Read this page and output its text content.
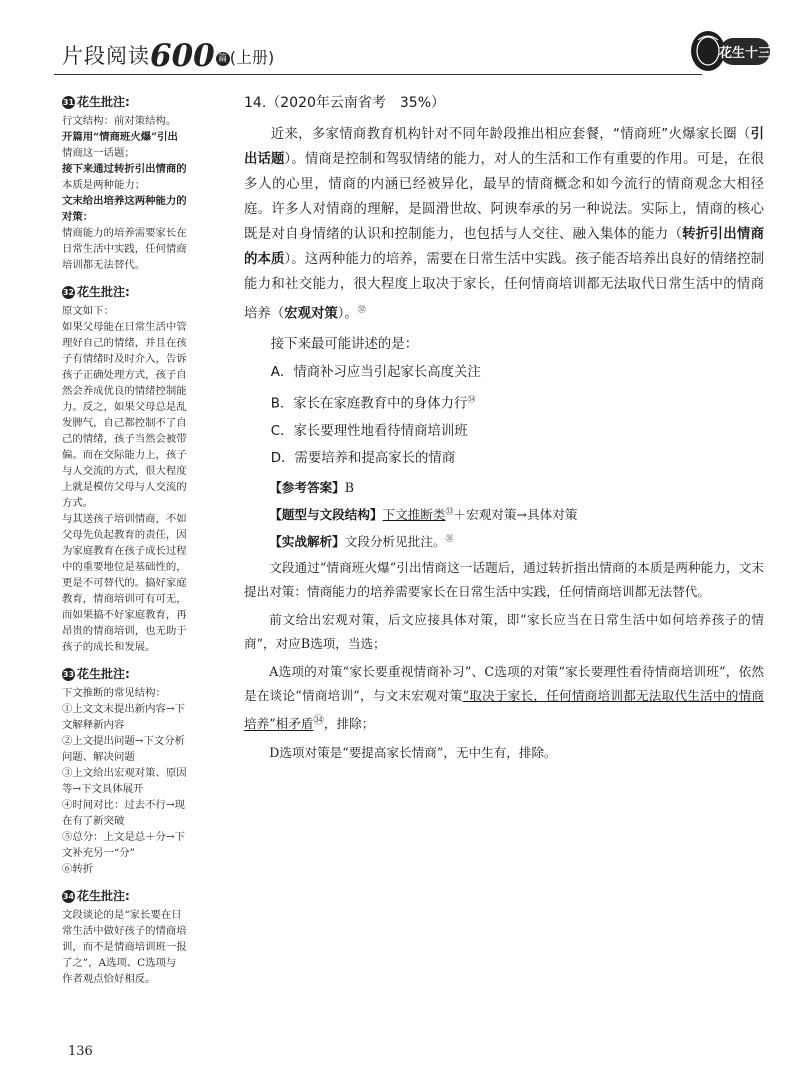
片段阅读600 篇 (上册)	花生十三
31 花生批注:
行文结构：前对策结构。
开篇用“情商班火爆”引出
情商这一话题；
接下来通过转折引出情商的
本质是两种能力；
文末给出培养这两种能力的
对策：
情商能力的培养需要家长在
日常生活中实践，任何情商
培训都无法替代。
32 花生批注:
原文如下：
如果父母能在日常生活中管
理好自己的情绪，并且在孩
子有情绪时及时介入，告诉
孩子正确处理方式，孩子自
然会养成优良的情绪控制能
力。反之，如果父母总是乱
发脾气，自己都控制不了自
己的情绪，孩子当然会被带
偏。而在交际能力上，孩子
与人交流的方式，很大程度
上就是模仿父母与人交流的
方式。
与其送孩子培训情商，不如
父母先负起教育的责任，因
为家庭教育在孩子成长过程
中的重要地位是基础性的，
更是不可替代的。搞好家庭
教育，情商培训可有可无，
而如果搞不好家庭教育，再
昂贵的情商培训，也无助于
孩子的成长和发展。
33 花生批注:
下文推断的常见结构：
①上文文末提出新内容→下
文解释新内容
②上文提出问题→下文分析
问题、解决问题
③上文给出宏观对策、原因
等→下文具体展开
④时间对比：过去不行→现
在有了新突破
⑤总分：上文是总＋分→下
文补充另一“分”
⑥转折
34 花生批注:
文段谈论的是“家长要在日
常生活中做好孩子的情商培
训，而不是情商培训班一报
了之”，A选项、C选项与
作者观点恰好相反。
14.（2020年云南省考　35%）

近来，多家情商教育机构针对不同年龄段推出相应套餐，“情商班”火爆家长圈（引出话题）。情商是控制和驾驭情绪的能力，对人的生活和工作有重要的作用。可是，在很多人的心里，情商的内涵已经被异化，最早的情商概念和如今流行的情商观念大相径庭。许多人对情商的理解，是圆滑世故、阿谀奉承的另一种说法。实际上，情商的核心既是对自身情绪的认识和控制能力，也包括与人交往、融入集体的能力（转折引出情商的本质）。这两种能力的培养，需要在日常生活中实践。孩子能否培养出良好的情绪控制能力和社交能力，很大程度上取决于家长，任何情商培训都无法取代日常生活中的情商培养（宏观对策）。$^㉜$

接下来最可能讲述的是：
A．情商补习应当引起家长高度关注
B．家长在家庭教育中的身体力行$^㉞$
C．家长要理性地看待情商培训班
D．需要培养和提高家长的情商
【参考答案】B
【题型与文段结构】下文推断类$^㉝$＋宏观对策→具体对策
【实战解析】文段分析见批注。$^㉛$

文段通过“情商班火爆”引出情商这一话题后，通过转折指出情商的本质是两种能力，文末提出对策：情商能力的培养需要家长在日常生活中实践，任何情商培训都无法替代。

前文给出宏观对策，后文应接具体对策，即“家长应当在日常生活中如何培养孩子的情商”，对应B选项，当选；

A选项的对策“家长要重视情商补习”、C选项的对策“家长要理性看待情商培训班”，依然是在谈论“情商培训”，与文末宏观对策“取决于家长，任何情商培训都无法取代生活中的情商培养”相矛盾$^㉞$，排除；

D选项对策是“要提高家长情商”，无中生有，排除。

136
